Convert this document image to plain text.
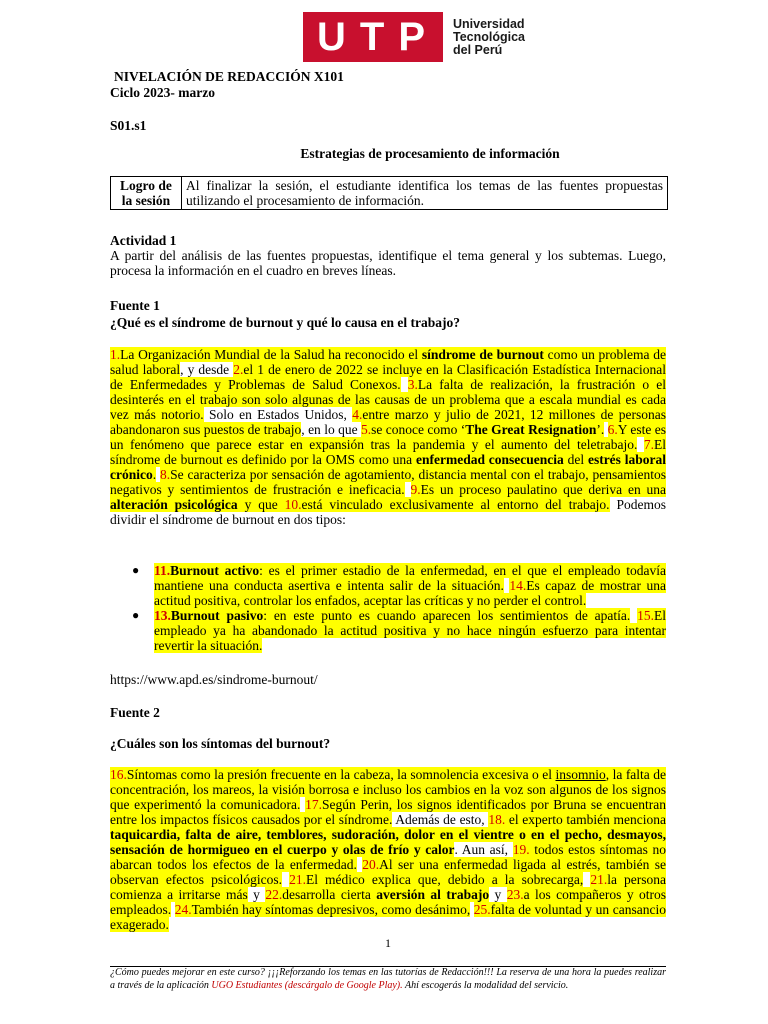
UTP	Universidad
Tecnológica
del Perú
NIVELACIÓN DE REDACCIÓN X101
Ciclo 2023- marzo
S01.s1
Estrategias de procesamiento de información
Logro de la sesión	Al finalizar la sesión, el estudiante identifica los temas de las fuentes propuestas utilizando el procesamiento de información.
Actividad 1
A partir del análisis de las fuentes propuestas, identifique el tema general y los subtemas. Luego, procesa la información en el cuadro en breves líneas.
Fuente 1
¿Qué es el síndrome de burnout y qué lo causa en el trabajo?
1.La Organización Mundial de la Salud ha reconocido el síndrome de burnout como un problema de salud laboral, y desde 2.el 1 de enero de 2022 se incluye en la Clasificación Estadística Internacional de Enfermedades y Problemas de Salud Conexos. 3.La falta de realización, la frustración o el desinterés en el trabajo son solo algunas de las causas de un problema que a escala mundial es cada vez más notorio. Solo en Estados Unidos, 4.entre marzo y julio de 2021, 12 millones de personas abandonaron sus puestos de trabajo, en lo que 5.se conoce como ‘The Great Resignation’. 6.Y este es un fenómeno que parece estar en expansión tras la pandemia y el aumento del teletrabajo. 7.El síndrome de burnout es definido por la OMS como una enfermedad consecuencia del estrés laboral crónico. 8.Se caracteriza por sensación de agotamiento, distancia mental con el trabajo, pensamientos negativos y sentimientos de frustración e ineficacia. 9.Es un proceso paulatino que deriva en una alteración psicológica y que 10.está vinculado exclusivamente al entorno del trabajo. Podemos dividir el síndrome de burnout en dos tipos:
●	11.Burnout activo: es el primer estadio de la enfermedad, en el que el empleado todavía mantiene una conducta asertiva e intenta salir de la situación. 14.Es capaz de mostrar una actitud positiva, controlar los enfados, aceptar las críticas y no perder el control.
●	13.Burnout pasivo: en este punto es cuando aparecen los sentimientos de apatía. 15.El empleado ya ha abandonado la actitud positiva y no hace ningún esfuerzo para intentar revertir la situación.
https://www.apd.es/sindrome-burnout/
Fuente 2
¿Cuáles son los síntomas del burnout?
16.Síntomas como la presión frecuente en la cabeza, la somnolencia excesiva o el insomnio, la falta de concentración, los mareos, la visión borrosa e incluso los cambios en la voz son algunos de los signos que experimentó la comunicadora. 17.Según Perin, los signos identificados por Bruna se encuentran entre los impactos físicos causados por el síndrome. Además de esto, 18. el experto también menciona taquicardia, falta de aire, temblores, sudoración, dolor en el vientre o en el pecho, desmayos, sensación de hormigueo en el cuerpo y olas de frío y calor. Aun así, 19. todos estos síntomas no abarcan todos los efectos de la enfermedad. 20.Al ser una enfermedad ligada al estrés, también se observan efectos psicológicos. 21.El médico explica que, debido a la sobrecarga, 21.la persona comienza a irritarse más y 22.desarrolla cierta aversión al trabajo y 23.a los compañeros y otros empleados. 24.También hay síntomas depresivos, como desánimo, 25.falta de voluntad y un cansancio exagerado.
1
¿Cómo puedes mejorar en este curso? ¡¡¡Reforzando los temas en las tutorías de Redacción!!! La reserva de una hora la puedes realizar a través de la aplicación UGO Estudiantes (descárgalo de Google Play). Ahí escogerás la modalidad del servicio.
